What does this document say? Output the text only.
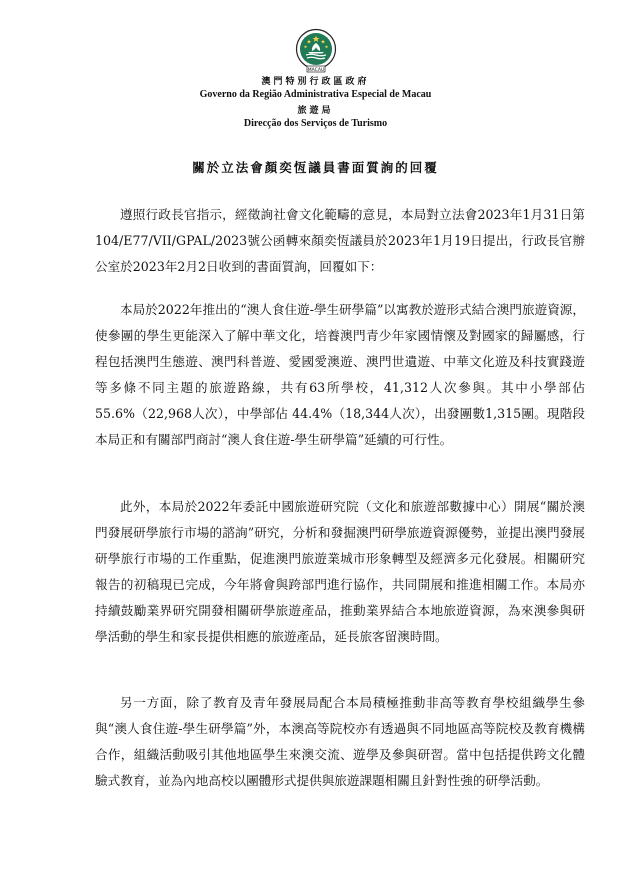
MACAU
澳門特別行政區政府
Governo da Região Administrativa Especial de Macau
旅遊局
Direcção dos Serviços de Turismo
關於立法會顏奕恆議員書面質詢的回覆

遵照行政長官指示，經徵詢社會文化範疇的意見，本局對立法會2023年1月31日第104/E77/VII/GPAL/2023號公函轉來顏奕恆議員於2023年1月19日提出，行政長官辦公室於2023年2月2日收到的書面質詢，回覆如下：

本局於2022年推出的“澳人食住遊-學生研學篇”以寓教於遊形式結合澳門旅遊資源，使參團的學生更能深入了解中華文化，培養澳門青少年家國情懷及對國家的歸屬感，行程包括澳門生態遊、澳門科普遊、愛國愛澳遊、澳門世遺遊、中華文化遊及科技實踐遊等多條不同主題的旅遊路線，共有63所學校，41,312人次參與。其中小學部佔 55.6%（22,968人次），中學部佔 44.4%（18,344人次），出發團數1,315團。現階段本局正和有關部門商討“澳人食住遊-學生研學篇”延續的可行性。

此外，本局於2022年委託中國旅遊研究院（文化和旅遊部數據中心）開展“關於澳門發展研學旅行市場的諮詢”研究，分析和發掘澳門研學旅遊資源優勢，並提出澳門發展研學旅行市場的工作重點，促進澳門旅遊業城市形象轉型及經濟多元化發展。相關研究報告的初稿現已完成，今年將會與跨部門進行協作，共同開展和推進相關工作。本局亦持續鼓勵業界研究開發相關研學旅遊產品，推動業界結合本地旅遊資源，為來澳參與研學活動的學生和家長提供相應的旅遊產品，延長旅客留澳時間。

另一方面，除了教育及青年發展局配合本局積極推動非高等教育學校組織學生參與“澳人食住遊-學生研學篇”外，本澳高等院校亦有透過與不同地區高等院校及教育機構合作，組織活動吸引其他地區學生來澳交流、遊學及參與研習。當中包括提供跨文化體驗式教育，並為內地高校以團體形式提供與旅遊課題相關且針對性強的研學活動。
